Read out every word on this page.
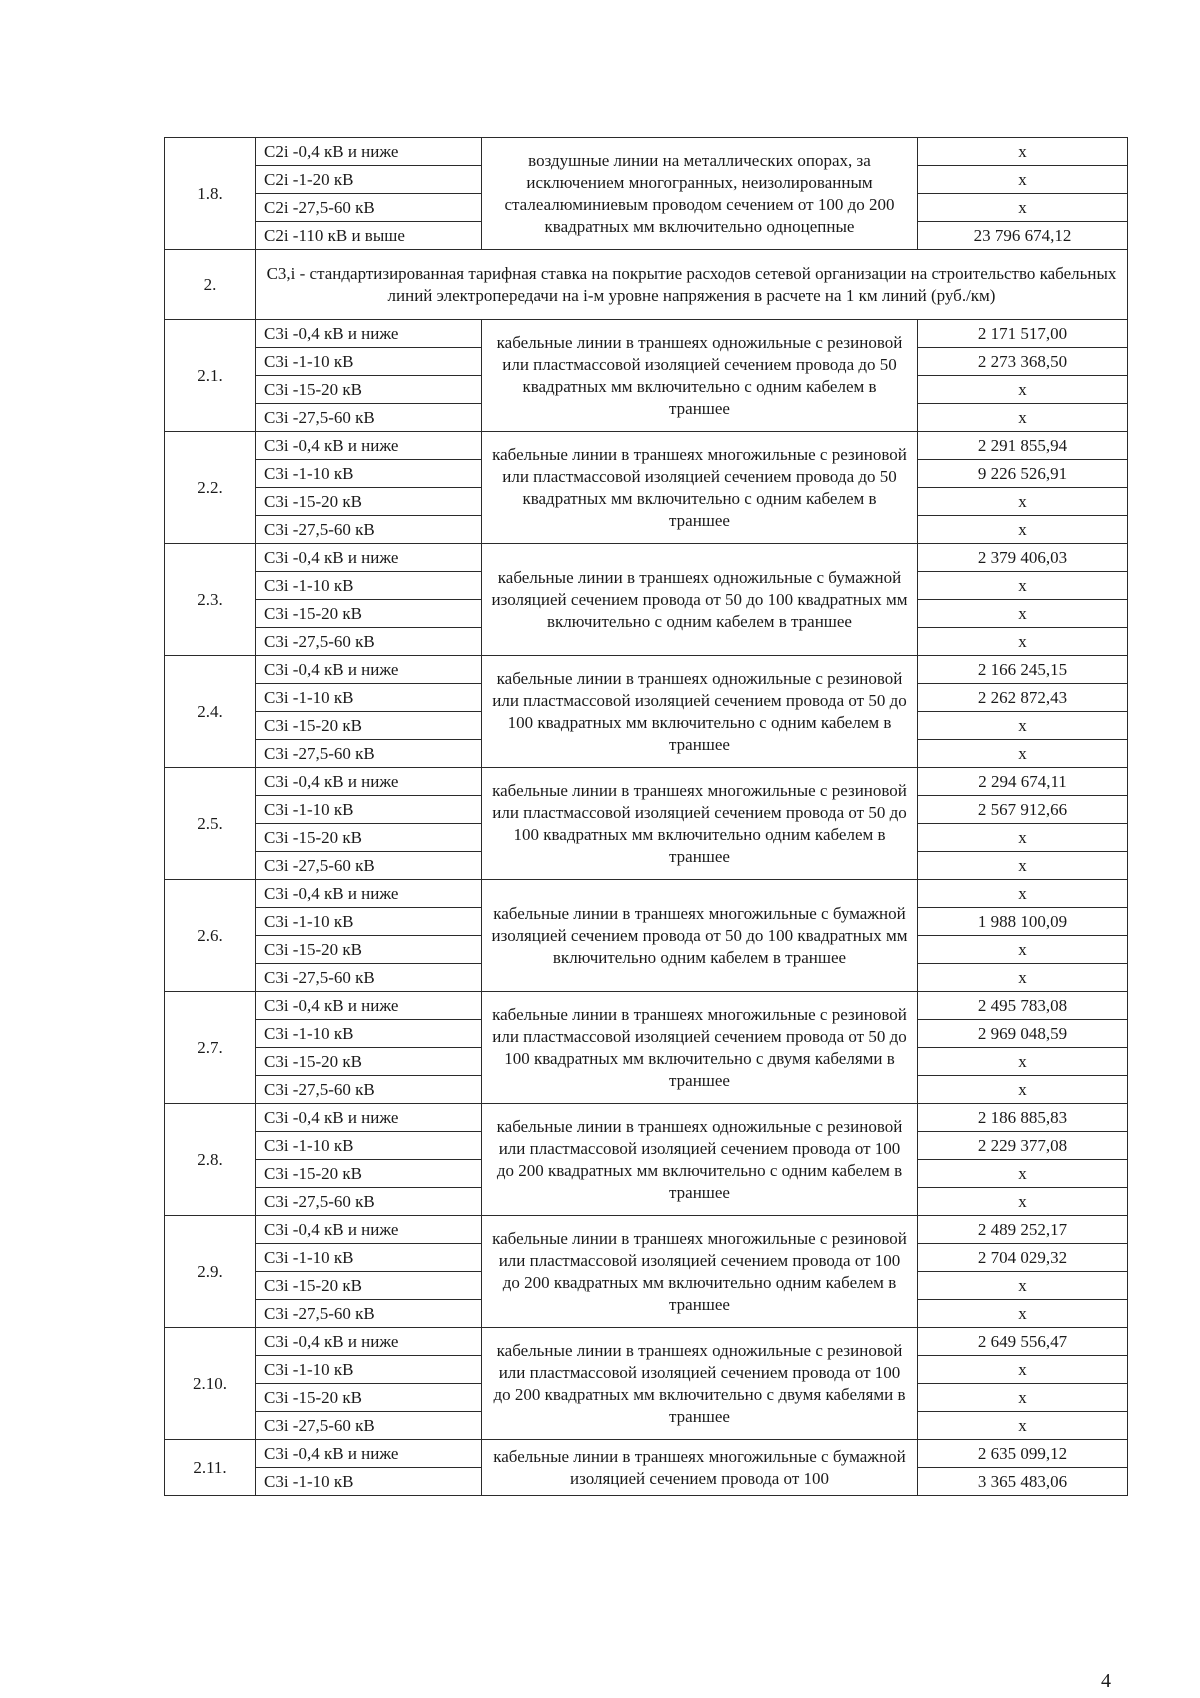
1.8.	C2i -0,4 кВ и ниже	воздушные линии на металлических опорах, за исключением многогранных, неизолированным сталеалюминиевым проводом сечением от 100 до 200 квадратных мм включительно одноцепные	x
	C2i -1-20 кВ		x
	C2i -27,5-60 кВ		x
	C2i -110 кВ и выше		23 796 674,12
2.	С3,i - стандартизированная тарифная ставка на покрытие расходов сетевой организации на строительство кабельных линий электропередачи на i-м уровне напряжения в расчете на 1 км линий (руб./км)		
2.1.	C3i -0,4 кВ и ниже	кабельные линии в траншеях одножильные с резиновой или пластмассовой изоляцией сечением провода до 50 квадратных мм включительно с одним кабелем в траншее	2 171 517,00
	C3i -1-10 кВ		2 273 368,50
	C3i -15-20 кВ		x
	C3i -27,5-60 кВ		x
2.2.	C3i -0,4 кВ и ниже	кабельные линии в траншеях многожильные с резиновой или пластмассовой изоляцией сечением провода до 50 квадратных мм включительно с одним кабелем в траншее	2 291 855,94
	C3i -1-10 кВ		9 226 526,91
	C3i -15-20 кВ		x
	C3i -27,5-60 кВ		x
2.3.	C3i -0,4 кВ и ниже	кабельные линии в траншеях одножильные с бумажной изоляцией сечением провода от 50 до 100 квадратных мм включительно с одним кабелем в траншее	2 379 406,03
	C3i -1-10 кВ		x
	C3i -15-20 кВ		x
	C3i -27,5-60 кВ		x
2.4.	C3i -0,4 кВ и ниже	кабельные линии в траншеях одножильные с резиновой или пластмассовой изоляцией сечением провода от 50 до 100 квадратных мм включительно с одним кабелем в траншее	2 166 245,15
	C3i -1-10 кВ		2 262 872,43
	C3i -15-20 кВ		x
	C3i -27,5-60 кВ		x
2.5.	C3i -0,4 кВ и ниже	кабельные линии в траншеях многожильные с резиновой или пластмассовой изоляцией сечением провода от 50 до 100 квадратных мм включительно одним кабелем в траншее	2 294 674,11
	C3i -1-10 кВ		2 567 912,66
	C3i -15-20 кВ		x
	C3i -27,5-60 кВ		x
2.6.	C3i -0,4 кВ и ниже	кабельные линии в траншеях многожильные с бумажной изоляцией сечением провода от 50 до 100 квадратных мм включительно одним кабелем в траншее	x
	C3i -1-10 кВ		1 988 100,09
	C3i -15-20 кВ		x
	C3i -27,5-60 кВ		x
2.7.	C3i -0,4 кВ и ниже	кабельные линии в траншеях многожильные с резиновой или пластмассовой изоляцией сечением провода от 50 до 100 квадратных мм включительно с двумя кабелями в траншее	2 495 783,08
	C3i -1-10 кВ		2 969 048,59
	C3i -15-20 кВ		x
	C3i -27,5-60 кВ		x
2.8.	C3i -0,4 кВ и ниже	кабельные линии в траншеях одножильные с резиновой или пластмассовой изоляцией сечением провода от 100 до 200 квадратных мм включительно с одним кабелем в траншее	2 186 885,83
	C3i -1-10 кВ		2 229 377,08
	C3i -15-20 кВ		x
	C3i -27,5-60 кВ		x
2.9.	C3i -0,4 кВ и ниже	кабельные линии в траншеях многожильные с резиновой или пластмассовой изоляцией сечением провода от 100 до 200 квадратных мм включительно одним кабелем в траншее	2 489 252,17
	C3i -1-10 кВ		2 704 029,32
	C3i -15-20 кВ		x
	C3i -27,5-60 кВ		x
2.10.	C3i -0,4 кВ и ниже	кабельные линии в траншеях одножильные с резиновой или пластмассовой изоляцией сечением провода от 100 до 200 квадратных мм включительно с двумя кабелями в траншее	2 649 556,47
	C3i -1-10 кВ		x
	C3i -15-20 кВ		x
	C3i -27,5-60 кВ		x
2.11.	C3i -0,4 кВ и ниже	кабельные линии в траншеях многожильные с бумажной изоляцией сечением провода от 100	2 635 099,12
	C3i -1-10 кВ		3 365 483,06
4
